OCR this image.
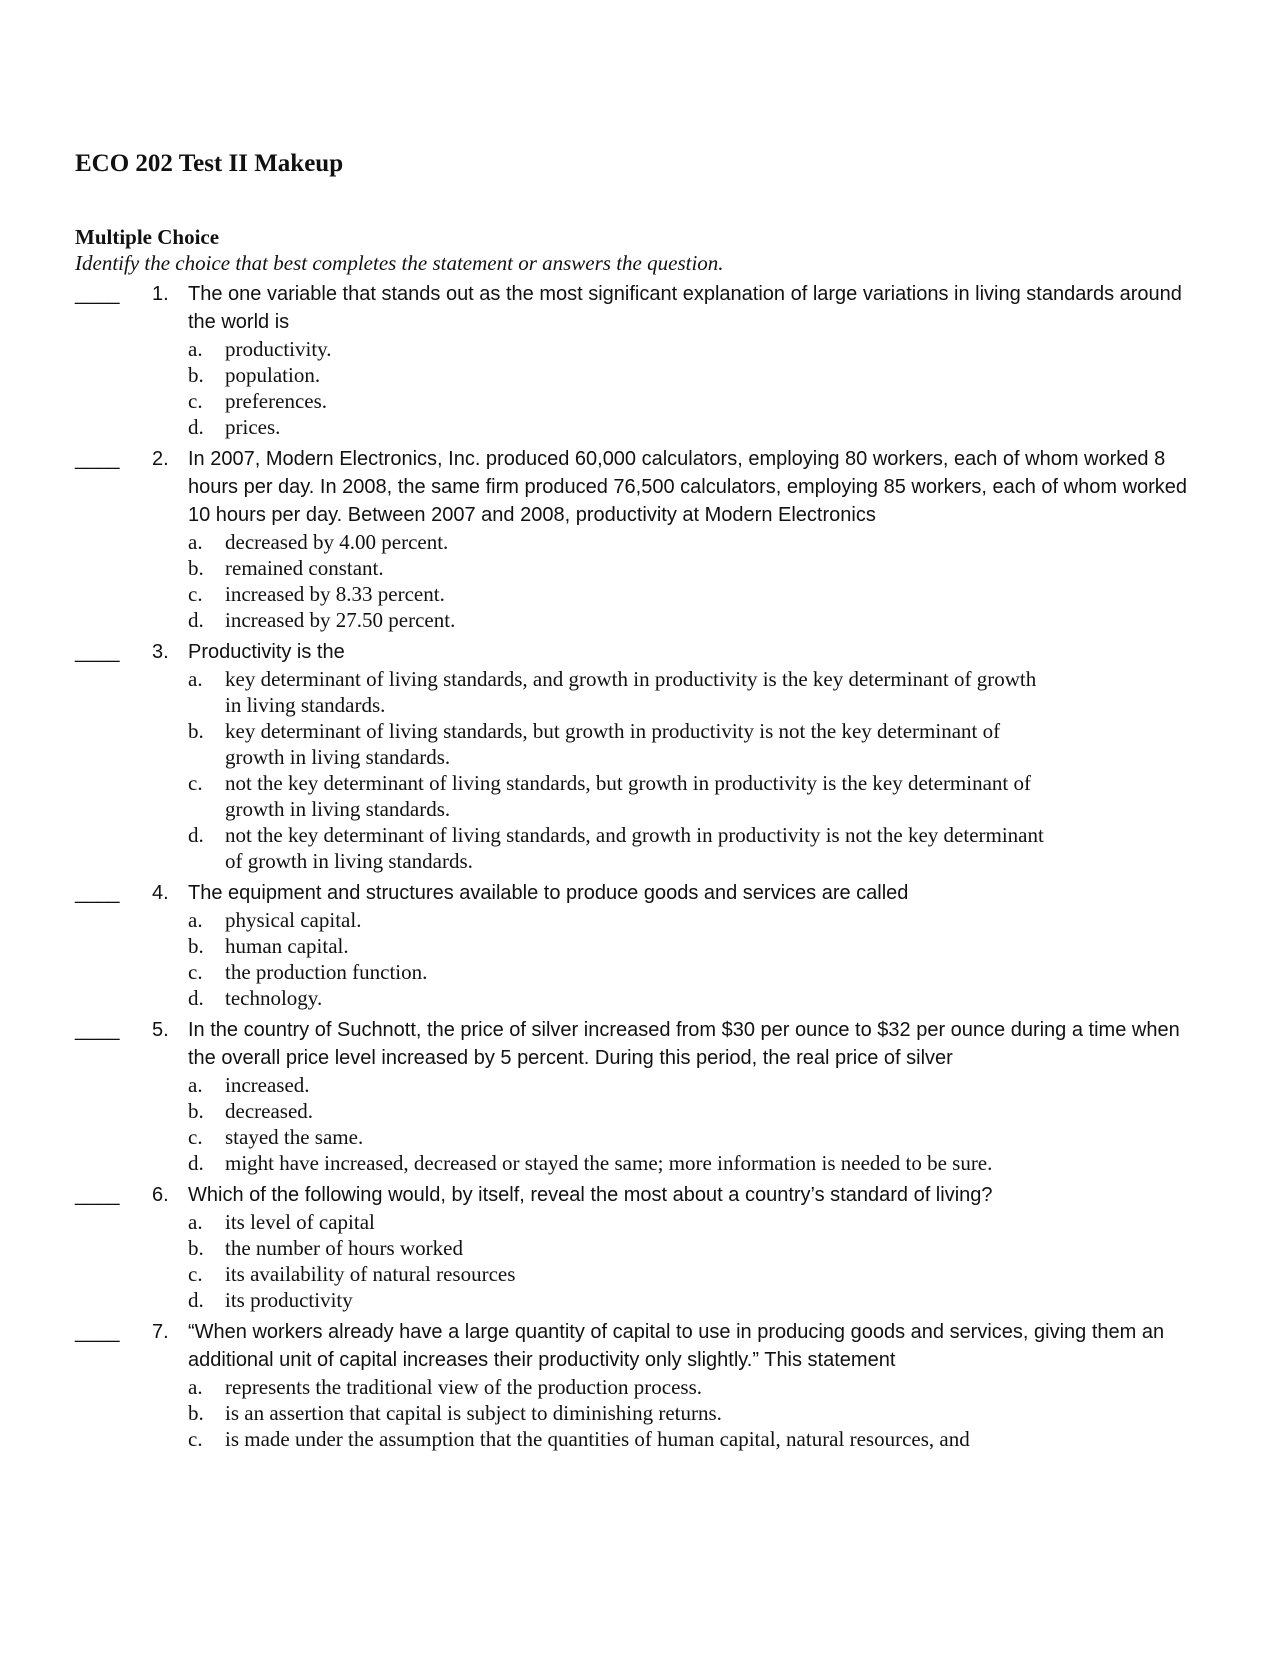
ECO 202 Test II Makeup
Multiple Choice
Identify the choice that best completes the statement or answers the question.
____ 1. The one variable that stands out as the most significant explanation of large variations in living standards around the world is
a. productivity.
b. population.
c. preferences.
d. prices.
____ 2. In 2007, Modern Electronics, Inc. produced 60,000 calculators, employing 80 workers, each of whom worked 8 hours per day. In 2008, the same firm produced 76,500 calculators, employing 85 workers, each of whom worked 10 hours per day. Between 2007 and 2008, productivity at Modern Electronics
a. decreased by 4.00 percent.
b. remained constant.
c. increased by 8.33 percent.
d. increased by 27.50 percent.
____ 3. Productivity is the
a. key determinant of living standards, and growth in productivity is the key determinant of growth in living standards.
b. key determinant of living standards, but growth in productivity is not the key determinant of growth in living standards.
c. not the key determinant of living standards, but growth in productivity is the key determinant of growth in living standards.
d. not the key determinant of living standards, and growth in productivity is not the key determinant of growth in living standards.
____ 4. The equipment and structures available to produce goods and services are called
a. physical capital.
b. human capital.
c. the production function.
d. technology.
____ 5. In the country of Suchnott, the price of silver increased from $30 per ounce to $32 per ounce during a time when the overall price level increased by 5 percent. During this period, the real price of silver
a. increased.
b. decreased.
c. stayed the same.
d. might have increased, decreased or stayed the same; more information is needed to be sure.
____ 6. Which of the following would, by itself, reveal the most about a country’s standard of living?
a. its level of capital
b. the number of hours worked
c. its availability of natural resources
d. its productivity
____ 7. “When workers already have a large quantity of capital to use in producing goods and services, giving them an additional unit of capital increases their productivity only slightly.” This statement
a. represents the traditional view of the production process.
b. is an assertion that capital is subject to diminishing returns.
c. is made under the assumption that the quantities of human capital, natural resources, and
